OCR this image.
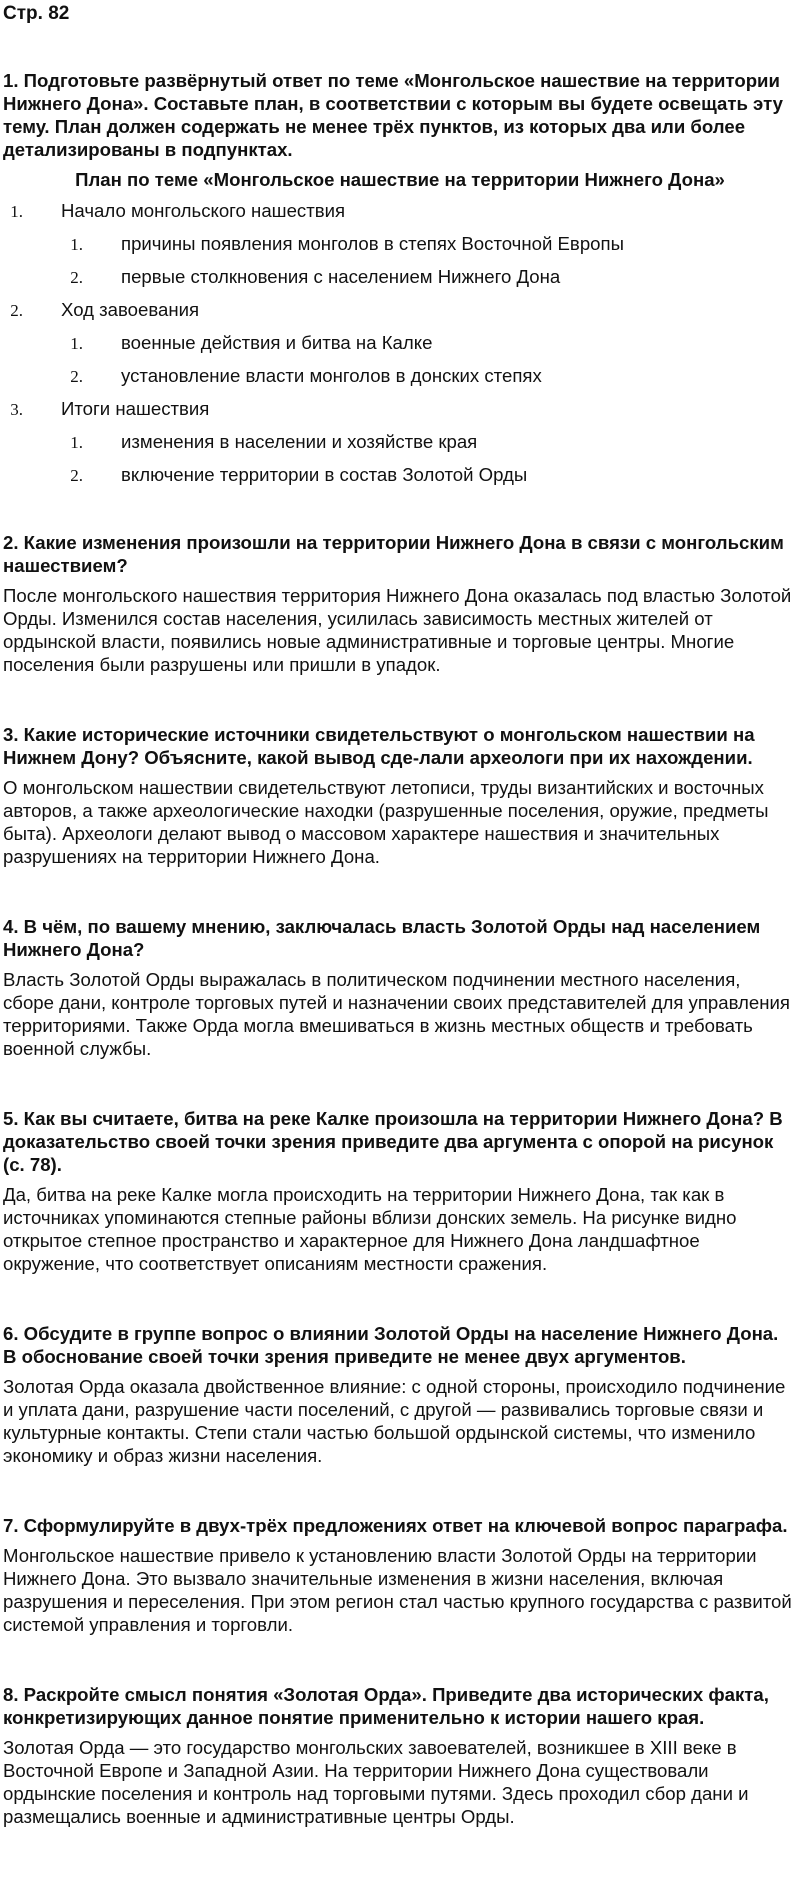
Стр. 82

1. Подготовьте развёрнутый ответ по теме «Монгольское нашествие на территории Нижнего Дона». Составьте план, в соответствии с которым вы будете освещать эту тему. План должен содержать не менее трёх пунктов, из которых два или более детализированы в подпунктах.

План по теме «Монгольское нашествие на территории Нижнего Дона»

1. Начало монгольского нашествия
1. причины появления монголов в степях Восточной Европы
2. первые столкновения с населением Нижнего Дона
2. Ход завоевания
1. военные действия и битва на Калке
2. установление власти монголов в донских степях
3. Итоги нашествия
1. изменения в населении и хозяйстве края
2. включение территории в состав Золотой Орды

2. Какие изменения произошли на территории Нижнего Дона в связи с монгольским нашествием?

После монгольского нашествия территория Нижнего Дона оказалась под властью Золотой Орды. Изменился состав населения, усилилась зависимость местных жителей от ордынской власти, появились новые административные и торговые центры. Многие поселения были разрушены или пришли в упадок.

3. Какие исторические источники свидетельствуют о монгольском нашествии на Нижнем Дону? Объясните, какой вывод сде-лали археологи при их нахождении.

О монгольском нашествии свидетельствуют летописи, труды византийских и восточных авторов, а также археологические находки (разрушенные поселения, оружие, предметы быта). Археологи делают вывод о массовом характере нашествия и значительных разрушениях на территории Нижнего Дона.

4. В чём, по вашему мнению, заключалась власть Золотой Орды над населением Нижнего Дона?

Власть Золотой Орды выражалась в политическом подчинении местного населения, сборе дани, контроле торговых путей и назначении своих представителей для управления территориями. Также Орда могла вмешиваться в жизнь местных обществ и требовать военной службы.

5. Как вы считаете, битва на реке Калке произошла на территории Нижнего Дона? В доказательство своей точки зрения приведите два аргумента с опорой на рисунок (с. 78).

Да, битва на реке Калке могла происходить на территории Нижнего Дона, так как в источниках упоминаются степные районы вблизи донских земель. На рисунке видно открытое степное пространство и характерное для Нижнего Дона ландшафтное окружение, что соответствует описаниям местности сражения.

6. Обсудите в группе вопрос о влиянии Золотой Орды на население Нижнего Дона. В обоснование своей точки зрения приведите не менее двух аргументов.

Золотая Орда оказала двойственное влияние: с одной стороны, происходило подчинение и уплата дани, разрушение части поселений, с другой — развивались торговые связи и культурные контакты. Степи стали частью большой ордынской системы, что изменило экономику и образ жизни населения.

7. Сформулируйте в двух-трёх предложениях ответ на ключевой вопрос параграфа.

Монгольское нашествие привело к установлению власти Золотой Орды на территории Нижнего Дона. Это вызвало значительные изменения в жизни населения, включая разрушения и переселения. При этом регион стал частью крупного государства с развитой системой управления и торговли.

8. Раскройте смысл понятия «Золотая Орда». Приведите два исторических факта, конкретизирующих данное понятие применительно к истории нашего края.

Золотая Орда — это государство монгольских завоевателей, возникшее в XIII веке в Восточной Европе и Западной Азии. На территории Нижнего Дона существовали ордынские поселения и контроль над торговыми путями. Здесь проходил сбор дани и размещались военные и административные центры Орды.
